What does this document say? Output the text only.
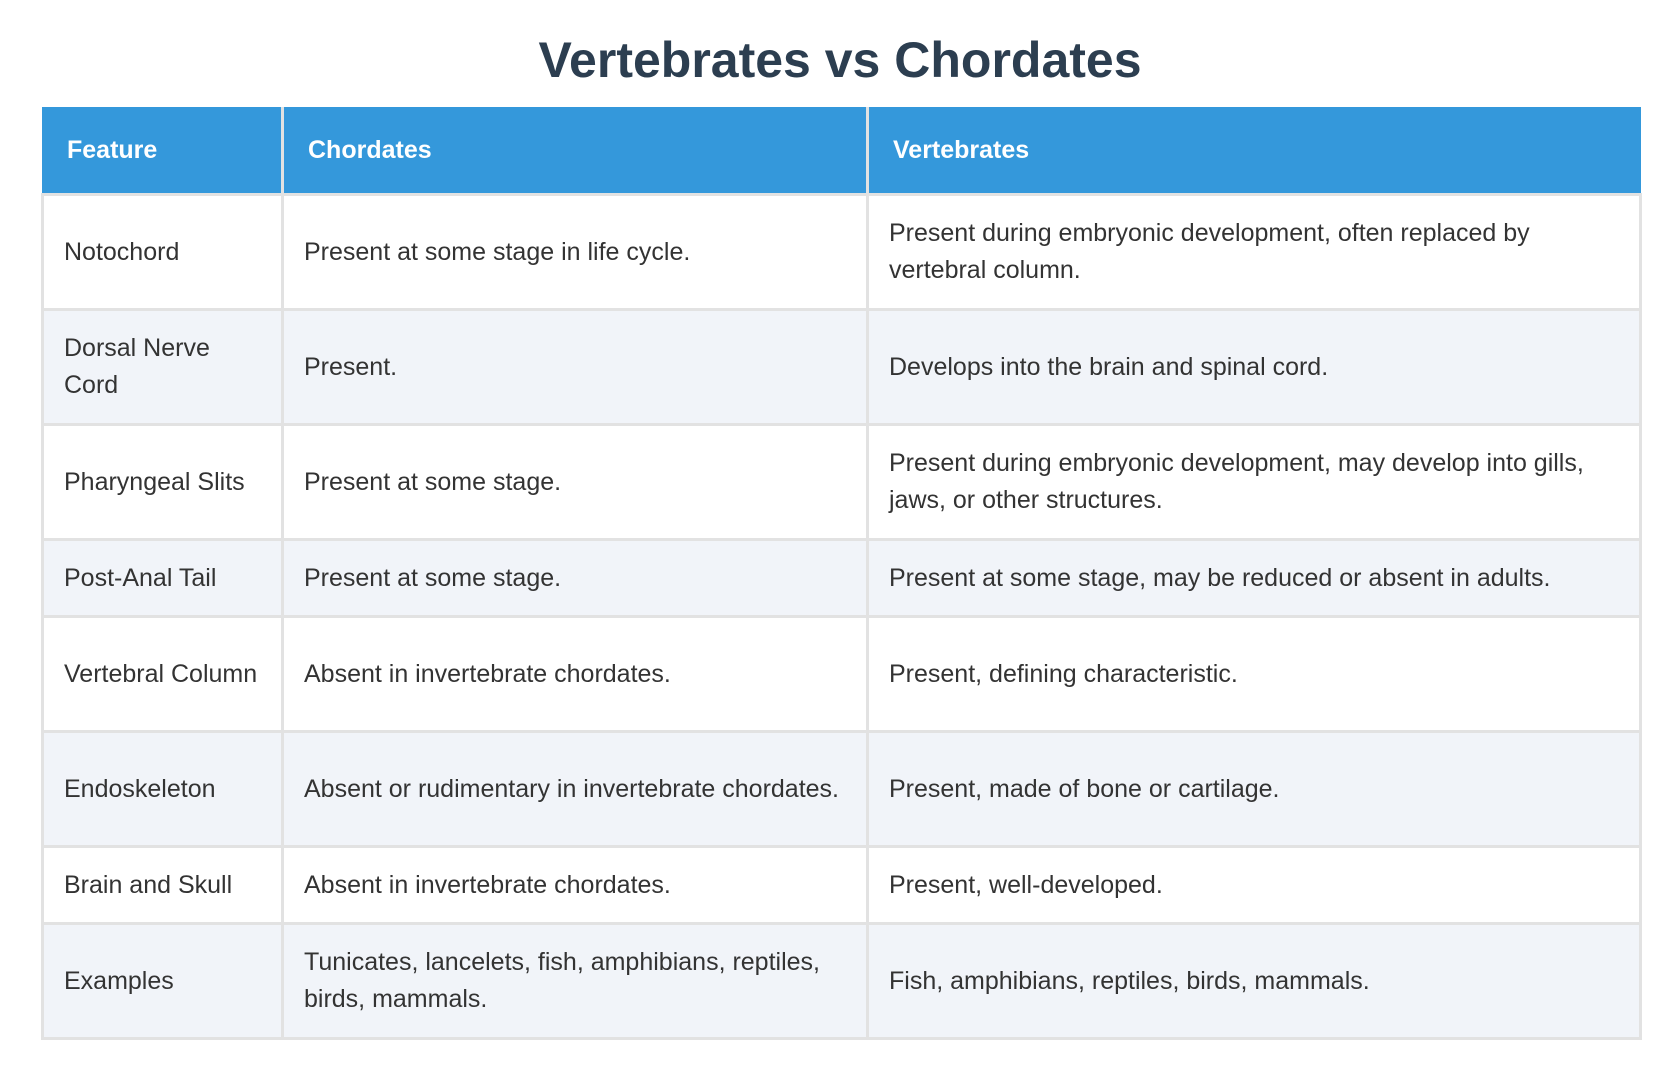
Vertebrates vs Chordates
Feature	Chordates	Vertebrates
Notochord	Present at some stage in life cycle.	Present during embryonic development, often replaced by vertebral column.
Dorsal Nerve Cord	Present.	Develops into the brain and spinal cord.
Pharyngeal Slits	Present at some stage.	Present during embryonic development, may develop into gills, jaws, or other structures.
Post-Anal Tail	Present at some stage.	Present at some stage, may be reduced or absent in adults.
Vertebral Column	Absent in invertebrate chordates.	Present, defining characteristic.
Endoskeleton	Absent or rudimentary in invertebrate chordates.	Present, made of bone or cartilage.
Brain and Skull	Absent in invertebrate chordates.	Present, well-developed.
Examples	Tunicates, lancelets, fish, amphibians, reptiles, birds, mammals.	Fish, amphibians, reptiles, birds, mammals.
